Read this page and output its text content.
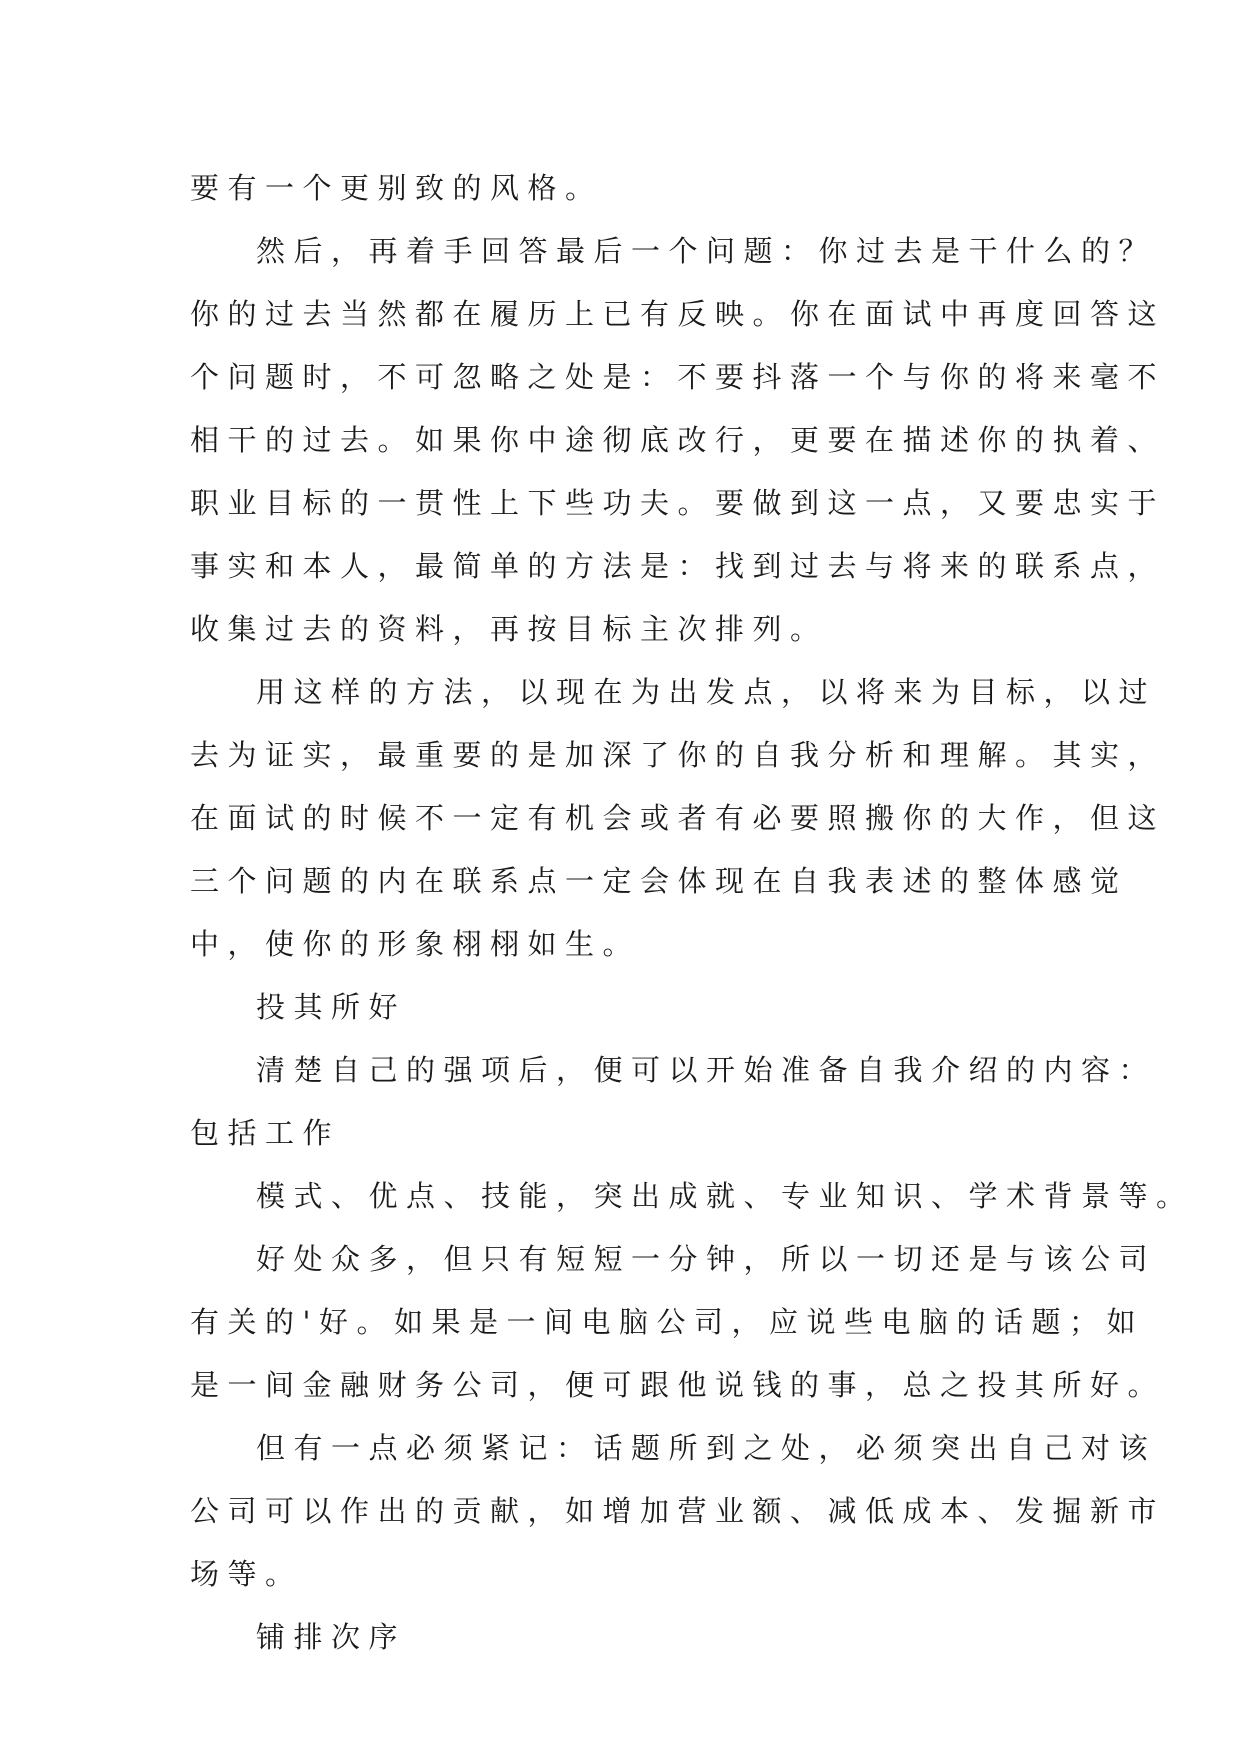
要有一个更别致的风格。
然后，再着手回答最后一个问题：你过去是干什么的？
你的过去当然都在履历上已有反映。你在面试中再度回答这
个问题时，不可忽略之处是：不要抖落一个与你的将来毫不
相干的过去。如果你中途彻底改行，更要在描述你的执着、
职业目标的一贯性上下些功夫。要做到这一点，又要忠实于
事实和本人，最简单的方法是：找到过去与将来的联系点，
收集过去的资料，再按目标主次排列。
用这样的方法，以现在为出发点，以将来为目标，以过
去为证实，最重要的是加深了你的自我分析和理解。其实，
在面试的时候不一定有机会或者有必要照搬你的大作，但这
三个问题的内在联系点一定会体现在自我表述的整体感觉
中，使你的形象栩栩如生。
投其所好
清楚自己的强项后，便可以开始准备自我介绍的内容：
包括工作
模式、优点、技能，突出成就、专业知识、学术背景等。
好处众多，但只有短短一分钟，所以一切还是与该公司
有关的'好。如果是一间电脑公司，应说些电脑的话题；如
是一间金融财务公司，便可跟他说钱的事，总之投其所好。
但有一点必须紧记：话题所到之处，必须突出自己对该
公司可以作出的贡献，如增加营业额、减低成本、发掘新市
场等。
铺排次序
